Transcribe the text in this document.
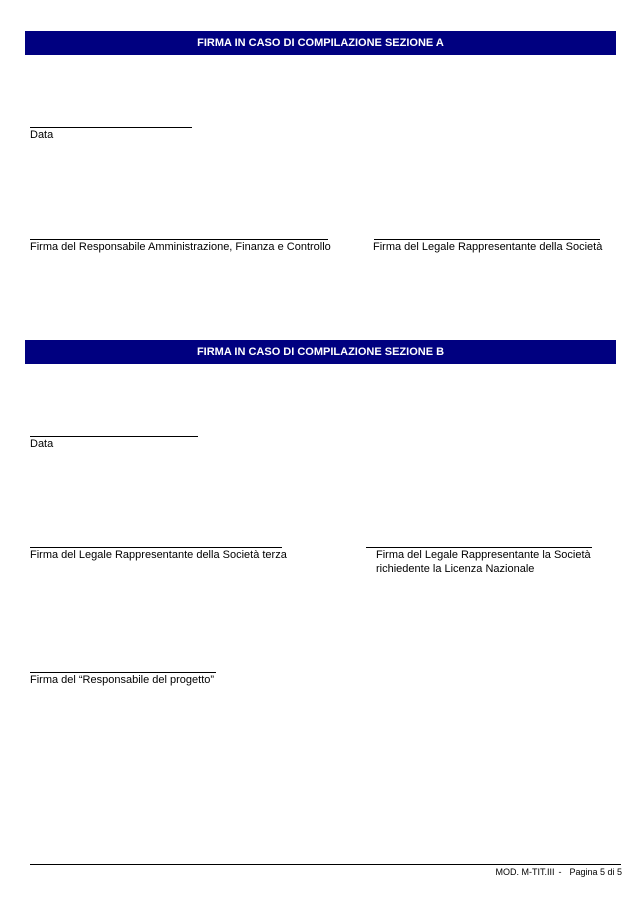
FIRMA IN CASO DI COMPILAZIONE SEZIONE A
Data
Firma del Responsabile Amministrazione, Finanza e Controllo	Firma del Legale Rappresentante della Società
FIRMA IN CASO DI COMPILAZIONE SEZIONE B
Data
Firma del Legale Rappresentante della Società terza	Firma del Legale Rappresentante la Società
richiedente la Licenza Nazionale
Firma del “Responsabile del progetto”
MOD. M-TIT.III - Pagina 5 di 5
